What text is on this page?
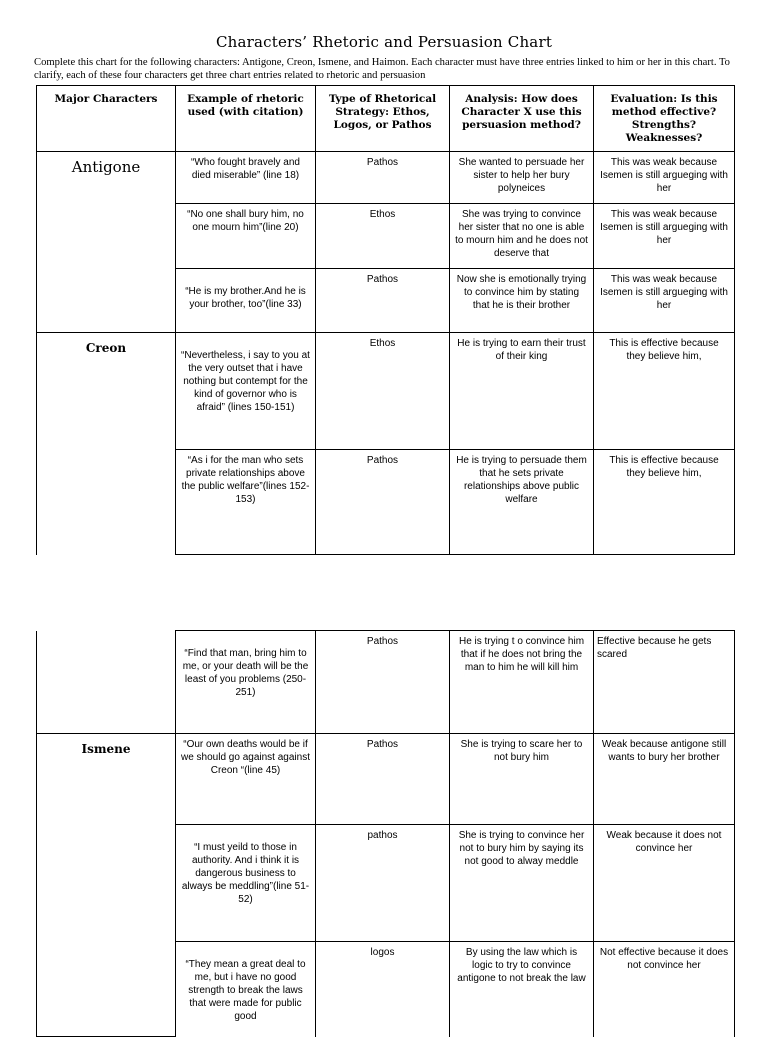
Characters’ Rhetoric and Persuasion Chart
Complete this chart for the following characters: Antigone, Creon, Ismene, and Haimon. Each character must have three entries linked to him or her in this chart. To clarify, each of these four characters get three chart entries related to rhetoric and persuasion
Major Characters	Example of rhetoric used (with citation)	Type of Rhetorical Strategy: Ethos, Logos, or Pathos	Analysis: How does Character X use this persuasion method?	Evaluation: Is this method effective? Strengths? Weaknesses?
Antigone	“Who fought bravely and died miserable” (line 18)	Pathos	She wanted to persuade her sister to help her bury polyneices	This was weak because Isemen is still argueging with her
	“No one shall bury him, no one mourn him”(line 20)	Ethos	She was trying to convince her sister that no one is able to mourn him and he does not deserve that	This was weak because Isemen is still argueging with her
	“He is my brother.And he is your brother, too”(line 33)	Pathos	Now she is emotionally trying to convince him by stating that he is their brother	This was weak because Isemen is still argueging with her
Creon	“Nevertheless, i say to you at the very outset that i have nothing but contempt for the kind of governor who is afraid” (lines 150-151)	Ethos	He is trying to earn their trust of their king	This is effective because they believe him,
	“As i for the man who sets private relationships above the public welfare”(lines 152-153)	Pathos	He is trying to persuade them that he sets private relationships above public welfare	This is effective because they believe him,

	“Find that man, bring him to me, or your death will be the least of you problems (250-251)	Pathos	He is trying t o convince him that if he does not bring the man to him he will kill him	Effective because he gets scared
Ismene	“Our own deaths would be if we should go against against Creon “(line 45)	Pathos	She is trying to scare her to not bury him	Weak because antigone still wants to bury her brother
	“I must yeild to those in authority. And i think it is dangerous business to always be meddling”(line 51-52)	pathos	She is trying to convince her not to bury him by saying its not good to alway meddle	Weak because it does not convince her
	“They mean a great deal to me, but i have no good strength to break the laws that were made for public good	logos	By using the law which is logic to try to convince antigone to not break the law	Not effective because it does not convince her
